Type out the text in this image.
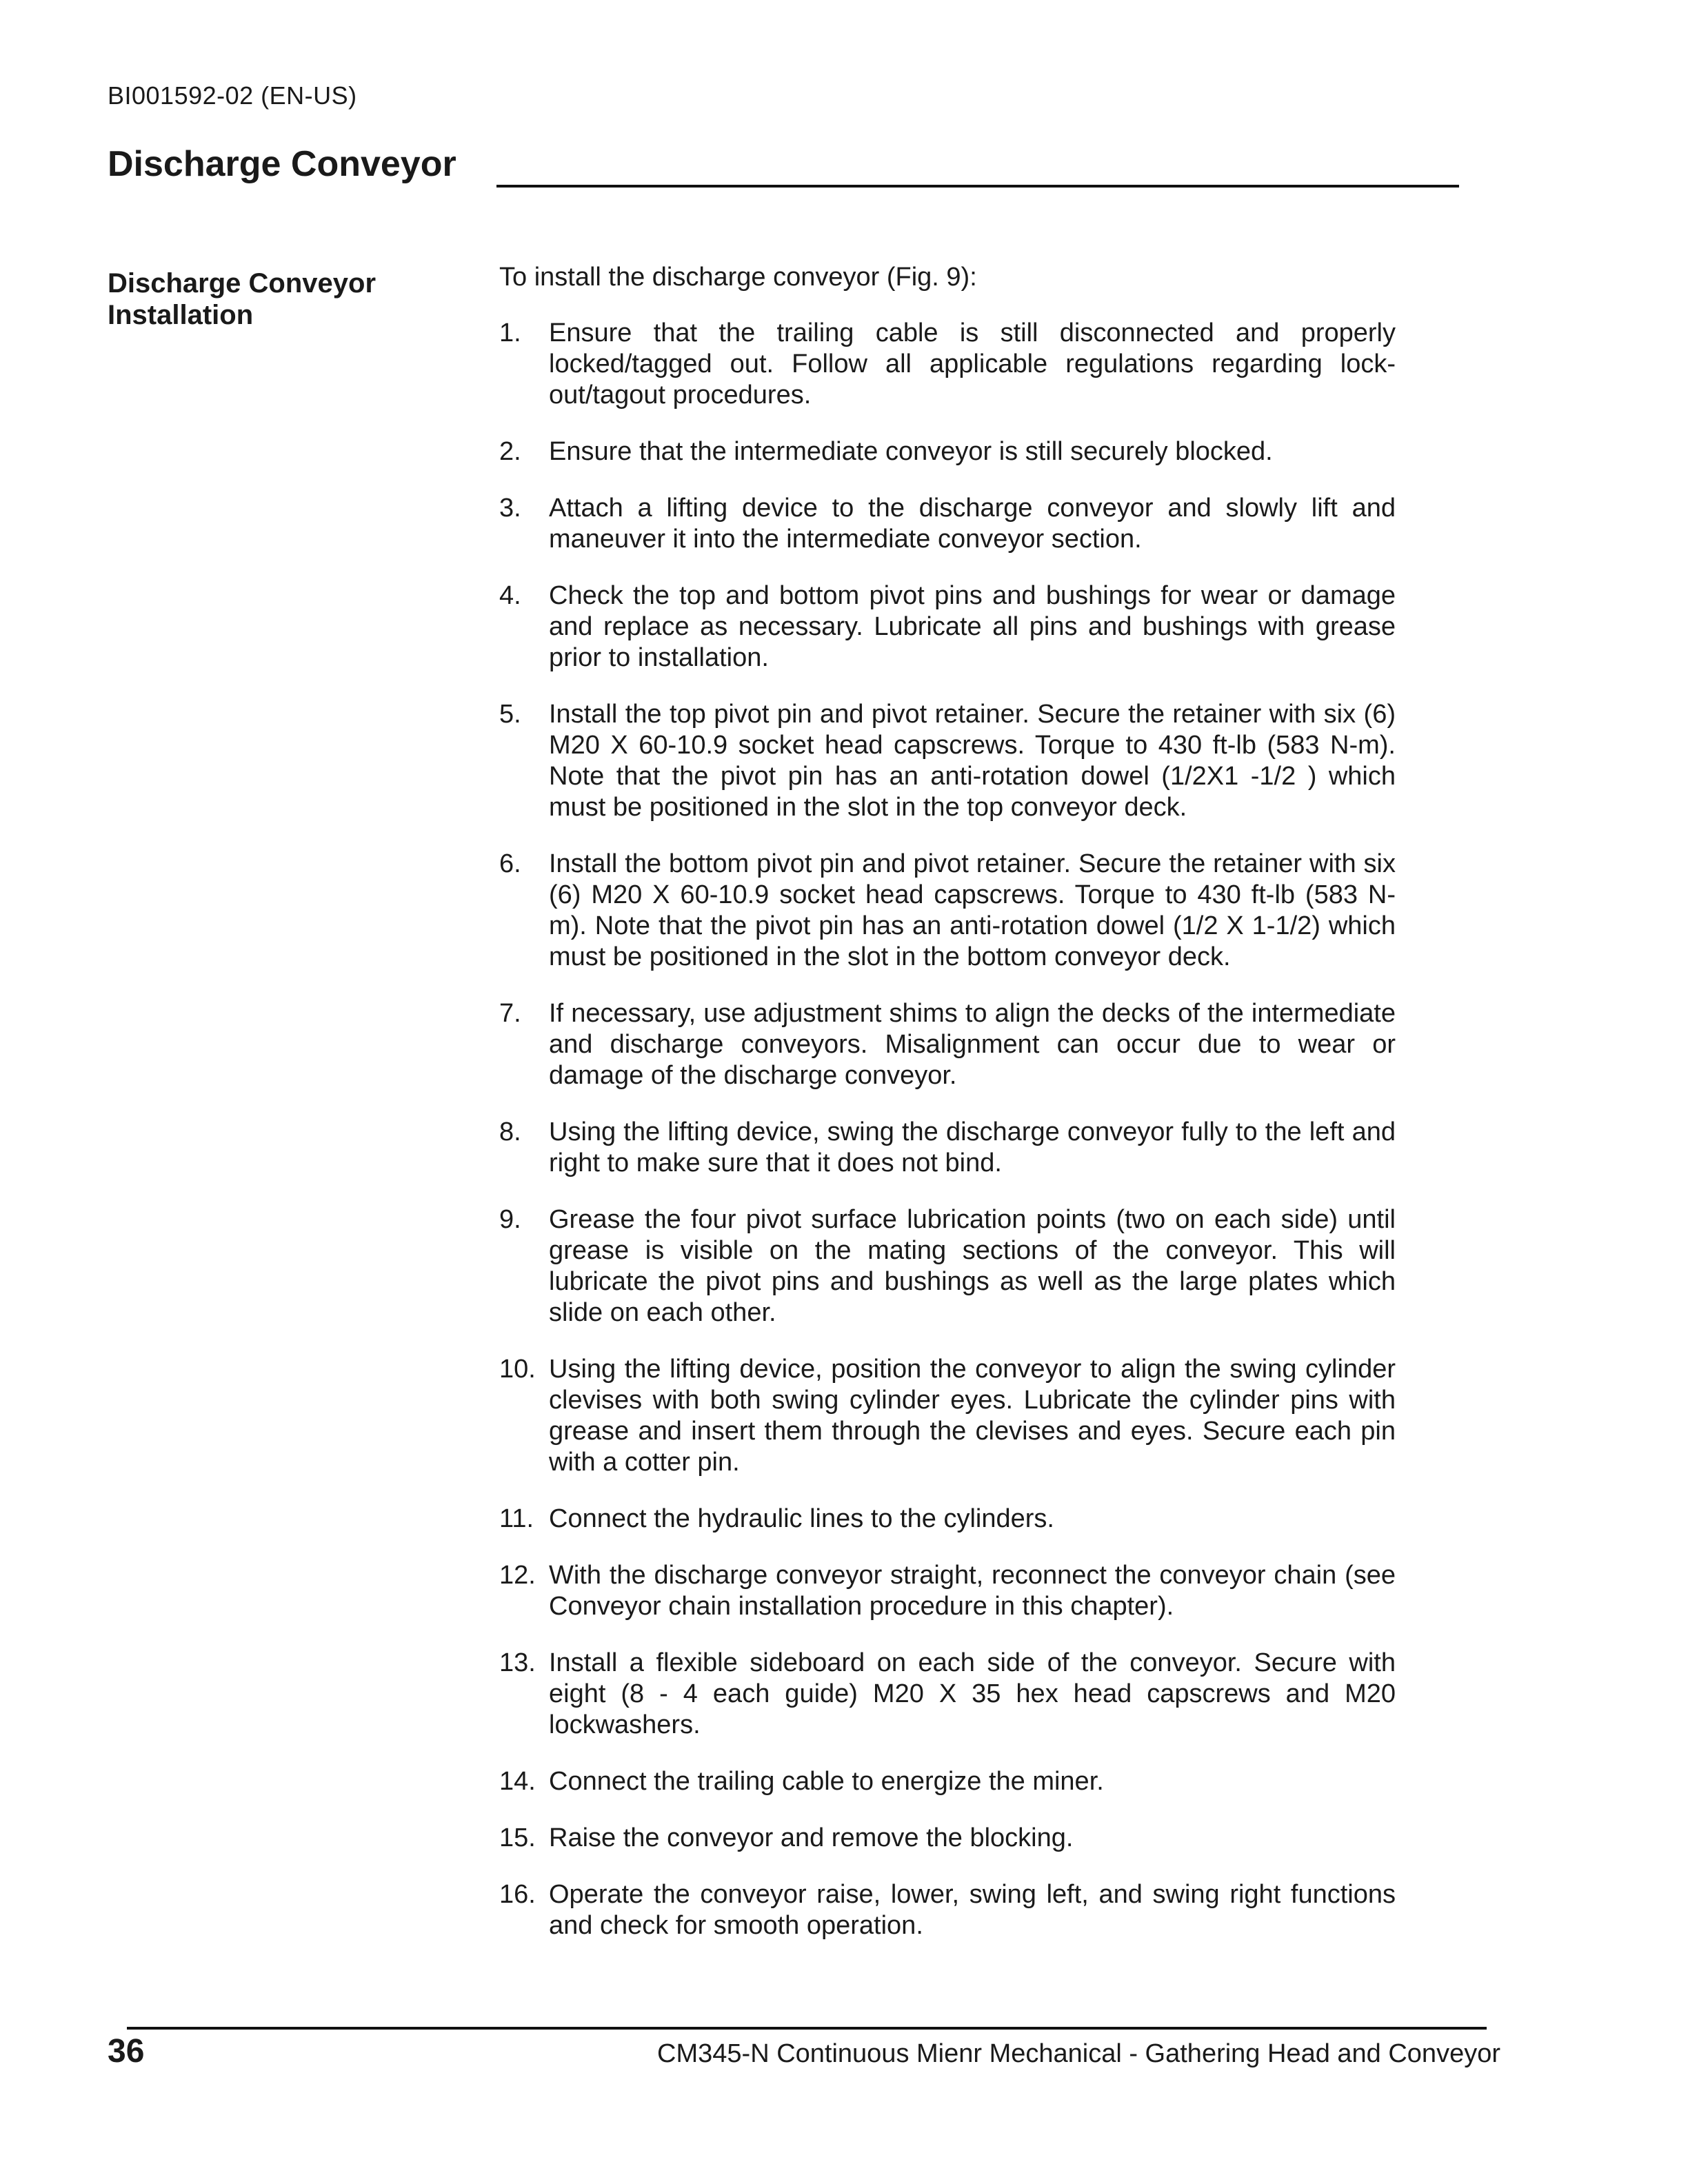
BI001592-02 (EN-US)
Discharge Conveyor
Discharge Conveyor Installation

To install the discharge conveyor (Fig. 9):

1.	Ensure that the trailing cable is still disconnected and properly locked/tagged out. Follow all applicable regulations regarding lock-out/tagout procedures.
2.	Ensure that the intermediate conveyor is still securely blocked.
3.	Attach a lifting device to the discharge conveyor and slowly lift and maneuver it into the intermediate conveyor section.
4.	Check the top and bottom pivot pins and bushings for wear or damage and replace as necessary. Lubricate all pins and bushings with grease prior to installation.
5.	Install the top pivot pin and pivot retainer. Secure the retainer with six (6) M20 X 60-10.9 socket head capscrews. Torque to 430 ft-lb (583 N-m). Note that the pivot pin has an anti-rotation dowel (1/2X1 -1/2 ) which must be positioned in the slot in the top conveyor deck.
6.	Install the bottom pivot pin and pivot retainer. Secure the retainer with six (6) M20 X 60-10.9 socket head capscrews. Torque to 430 ft-lb (583 N-m). Note that the pivot pin has an anti-rotation dowel (1/2 X 1-1/2) which must be positioned in the slot in the bottom conveyor deck.
7.	If necessary, use adjustment shims to align the decks of the intermediate and discharge conveyors. Misalignment can occur due to wear or damage of the discharge conveyor.
8.	Using the lifting device, swing the discharge conveyor fully to the left and right to make sure that it does not bind.
9.	Grease the four pivot surface lubrication points (two on each side) until grease is visible on the mating sections of the conveyor. This will lubricate the pivot pins and bushings as well as the large plates which slide on each other.
10. Using the lifting device, position the conveyor to align the swing cylinder clevises with both swing cylinder eyes. Lubricate the cylinder pins with grease and insert them through the clevises and eyes. Secure each pin with a cotter pin.
11. Connect the hydraulic lines to the cylinders.
12. With the discharge conveyor straight, reconnect the conveyor chain (see Conveyor chain installation procedure in this chapter).
13. Install a flexible sideboard on each side of the conveyor. Secure with eight (8 - 4 each guide) M20 X 35 hex head capscrews and M20 lockwashers.
14. Connect the trailing cable to energize the miner.
15. Raise the conveyor and remove the blocking.
16. Operate the conveyor raise, lower, swing left, and swing right functions and check for smooth operation.
36	CM345-N Continuous Mienr Mechanical - Gathering Head and Conveyor
